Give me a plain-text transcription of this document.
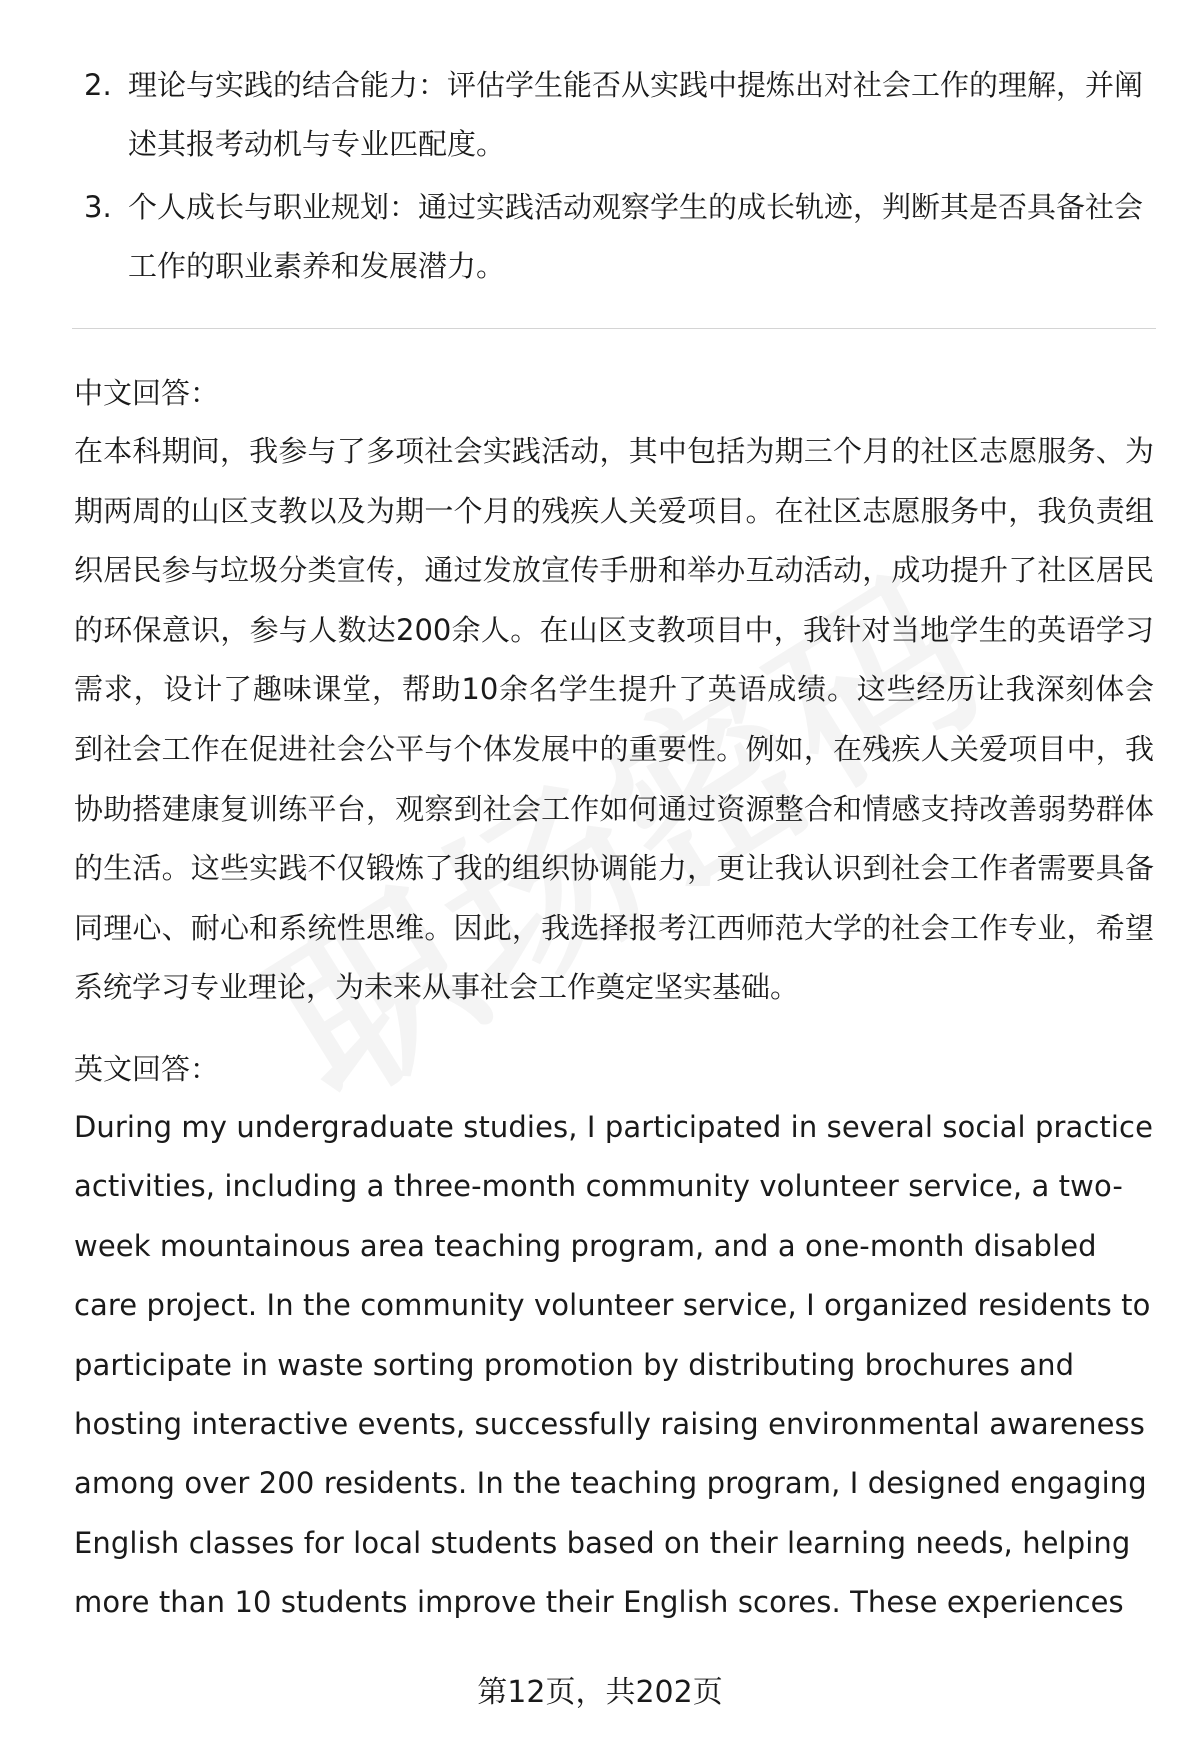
2. 理论与实践的结合能力：评估学生能否从实践中提炼出对社会工作的理解，并阐述其报考动机与专业匹配度。
3. 个人成长与职业规划：通过实践活动观察学生的成长轨迹，判断其是否具备社会工作的职业素养和发展潜力。
中文回答：
在本科期间，我参与了多项社会实践活动，其中包括为期三个月的社区志愿服务、为期两周的山区支教以及为期一个月的残疾人关爱项目。在社区志愿服务中，我负责组织居民参与垃圾分类宣传，通过发放宣传手册和举办互动活动，成功提升了社区居民的环保意识，参与人数达200余人。在山区支教项目中，我针对当地学生的英语学习需求，设计了趣味课堂，帮助10余名学生提升了英语成绩。这些经历让我深刻体会到社会工作在促进社会公平与个体发展中的重要性。例如，在残疾人关爱项目中，我协助搭建康复训练平台，观察到社会工作如何通过资源整合和情感支持改善弱势群体的生活。这些实践不仅锻炼了我的组织协调能力，更让我认识到社会工作者需要具备同理心、耐心和系统性思维。因此，我选择报考江西师范大学的社会工作专业，希望系统学习专业理论，为未来从事社会工作奠定坚实基础。
英文回答：
During my undergraduate studies, I participated in several social practice activities, including a three-month community volunteer service, a two-week mountainous area teaching program, and a one-month disabled care project. In the community volunteer service, I organized residents to participate in waste sorting promotion by distributing brochures and hosting interactive events, successfully raising environmental awareness among over 200 residents. In the teaching program, I designed engaging English classes for local students based on their learning needs, helping more than 10 students improve their English scores. These experiences
第12页，共202页
